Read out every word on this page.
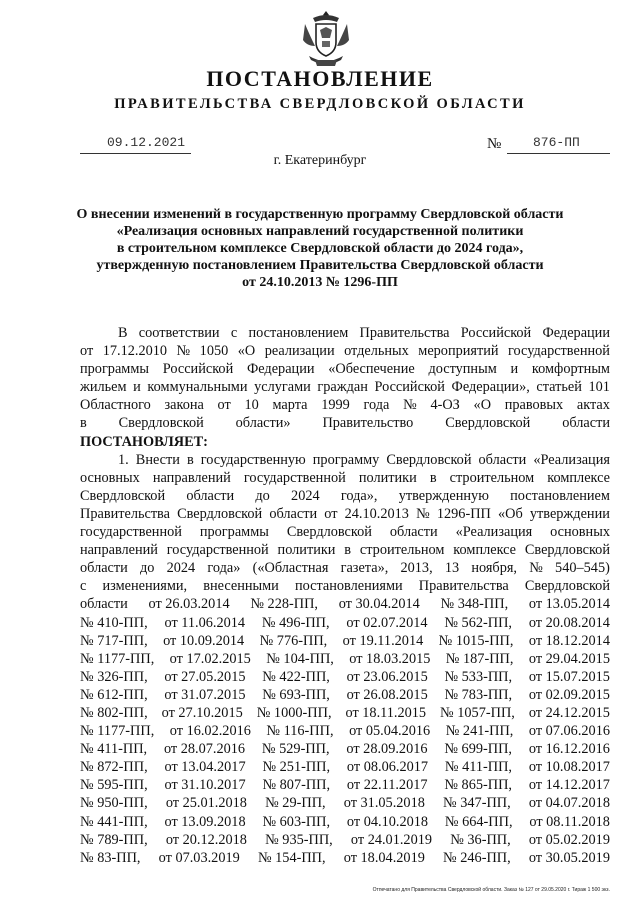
ПОСТАНОВЛЕНИЕ
ПРАВИТЕЛЬСТВА СВЕРДЛОВСКОЙ ОБЛАСТИ
09.12.2021	№ 876-ПП
г. Екатеринбург
О внесении изменений в государственную программу Свердловской области
«Реализация основных направлений государственной политики
в строительном комплексе Свердловской области до 2024 года»,
утвержденную постановлением Правительства Свердловской области
от 24.10.2013 № 1296-ПП
В соответствии с постановлением Правительства Российской Федерации
от 17.12.2010 № 1050 «О реализации отдельных мероприятий государственной
программы Российской Федерации «Обеспечение доступным и комфортным
жильем и коммунальными услугами граждан Российской Федерации», статьей 101
Областного закона от 10 марта 1999 года № 4-ОЗ «О правовых актах
в Свердловской области» Правительство Свердловской области
ПОСТАНОВЛЯЕТ:
1. Внести в государственную программу Свердловской области «Реализация
основных направлений государственной политики в строительном комплексе
Свердловской области до 2024 года», утвержденную постановлением
Правительства Свердловской области от 24.10.2013 № 1296-ПП «Об утверждении
государственной программы Свердловской области «Реализация основных
направлений государственной политики в строительном комплексе Свердловской
области до 2024 года» («Областная газета», 2013, 13 ноября, № 540–545)
с изменениями, внесенными постановлениями Правительства Свердловской
области от 26.03.2014 № 228-ПП, от 30.04.2014 № 348-ПП, от 13.05.2014
№ 410-ПП, от 11.06.2014 № 496-ПП, от 02.07.2014 № 562-ПП, от 20.08.2014
№ 717-ПП, от 10.09.2014 № 776-ПП, от 19.11.2014 № 1015-ПП, от 18.12.2014
№ 1177-ПП, от 17.02.2015 № 104-ПП, от 18.03.2015 № 187-ПП, от 29.04.2015
№ 326-ПП, от 27.05.2015 № 422-ПП, от 23.06.2015 № 533-ПП, от 15.07.2015
№ 612-ПП, от 31.07.2015 № 693-ПП, от 26.08.2015 № 783-ПП, от 02.09.2015
№ 802-ПП, от 27.10.2015 № 1000-ПП, от 18.11.2015 № 1057-ПП, от 24.12.2015
№ 1177-ПП, от 16.02.2016 № 116-ПП, от 05.04.2016 № 241-ПП, от 07.06.2016
№ 411-ПП, от 28.07.2016 № 529-ПП, от 28.09.2016 № 699-ПП, от 16.12.2016
№ 872-ПП, от 13.04.2017 № 251-ПП, от 08.06.2017 № 411-ПП, от 10.08.2017
№ 595-ПП, от 31.10.2017 № 807-ПП, от 22.11.2017 № 865-ПП, от 14.12.2017
№ 950-ПП, от 25.01.2018 № 29-ПП, от 31.05.2018 № 347-ПП, от 04.07.2018
№ 441-ПП, от 13.09.2018 № 603-ПП, от 04.10.2018 № 664-ПП, от 08.11.2018
№ 789-ПП, от 20.12.2018 № 935-ПП, от 24.01.2019 № 36-ПП, от 05.02.2019
№ 83-ПП, от 07.03.2019 № 154-ПП, от 18.04.2019 № 246-ПП, от 30.05.2019
Отпечатано для Правительства Свердловской области. Заказ № 127 от 29.05.2020 г. Тираж 1 500 экз.
